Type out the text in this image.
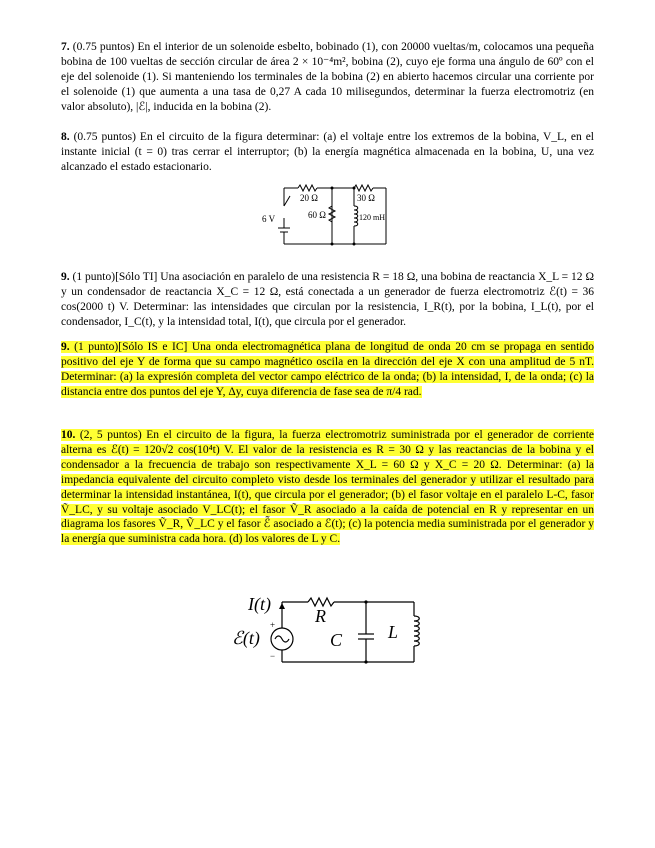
7. (0.75 puntos) En el interior de un solenoide esbelto, bobinado (1), con 20000 vueltas/m, colocamos una pequeña bobina de 100 vueltas de sección circular de área 2 × 10⁻⁴m², bobina (2), cuyo eje forma una ángulo de 60º con el eje del solenoide (1). Si manteniendo los terminales de la bobina (2) en abierto hacemos circular una corriente por el solenoide (1) que aumenta a una tasa de 0,27 A cada 10 milisegundos, determinar la fuerza electromotriz (en valor absoluto), |ℰ|, inducida en la bobina (2).

8. (0.75 puntos) En el circuito de la figura determinar: (a) el voltaje entre los extremos de la bobina, V_L, en el instante inicial (t = 0) tras cerrar el interruptor; (b) la energía magnética almacenada en la bobina, U, una vez alcanzado el estado estacionario.

20 Ω	30 Ω
60 Ω
6 V	120 mH

9. (1 punto)[Sólo TI] Una asociación en paralelo de una resistencia R = 18 Ω, una bobina de reactancia X_L = 12 Ω y un condensador de reactancia X_C = 12 Ω, está conectada a un generador de fuerza electromotriz ℰ(t) = 36 cos(2000 t) V. Determinar: las intensidades que circulan por la resistencia, I_R(t), por la bobina, I_L(t), por el condensador, I_C(t), y la intensidad total, I(t), que circula por el generador.

9. (1 punto)[Sólo IS e IC] Una onda electromagnética plana de longitud de onda 20 cm se propaga en sentido positivo del eje Y de forma que su campo magnético oscila en la dirección del eje X con una amplitud de 5 nT. Determinar: (a) la expresión completa del vector campo eléctrico de la onda; (b) la intensidad, I, de la onda; (c) la distancia entre dos puntos del eje Y, Δy, cuya diferencia de fase sea de π/4 rad.

10. (2, 5 puntos) En el circuito de la figura, la fuerza electromotriz suministrada por el generador de corriente alterna es ℰ(t) = 120√2 cos(10⁴t) V. El valor de la resistencia es R = 30 Ω y las reactancias de la bobina y el condensador a la frecuencia de trabajo son respectivamente X_L = 60 Ω y X_C = 20 Ω. Determinar: (a) la impedancia equivalente del circuito completo visto desde los terminales del generador y utilizar el resultado para determinar la intensidad instantánea, I(t), que circula por el generador; (b) el fasor voltaje en el paralelo L-C, fasor Ṽ_LC, y su voltaje asociado V_LC(t); el fasor Ṽ_R asociado a la caída de potencial en R y representar en un diagrama los fasores Ṽ_R, Ṽ_LC y el fasor ℰ̃ asociado a ℰ(t); (c) la potencia media suministrada por el generador y la energía que suministra cada hora. (d) los valores de L y C.

I(t)
ℰ(t)
R
C	L
+
−
